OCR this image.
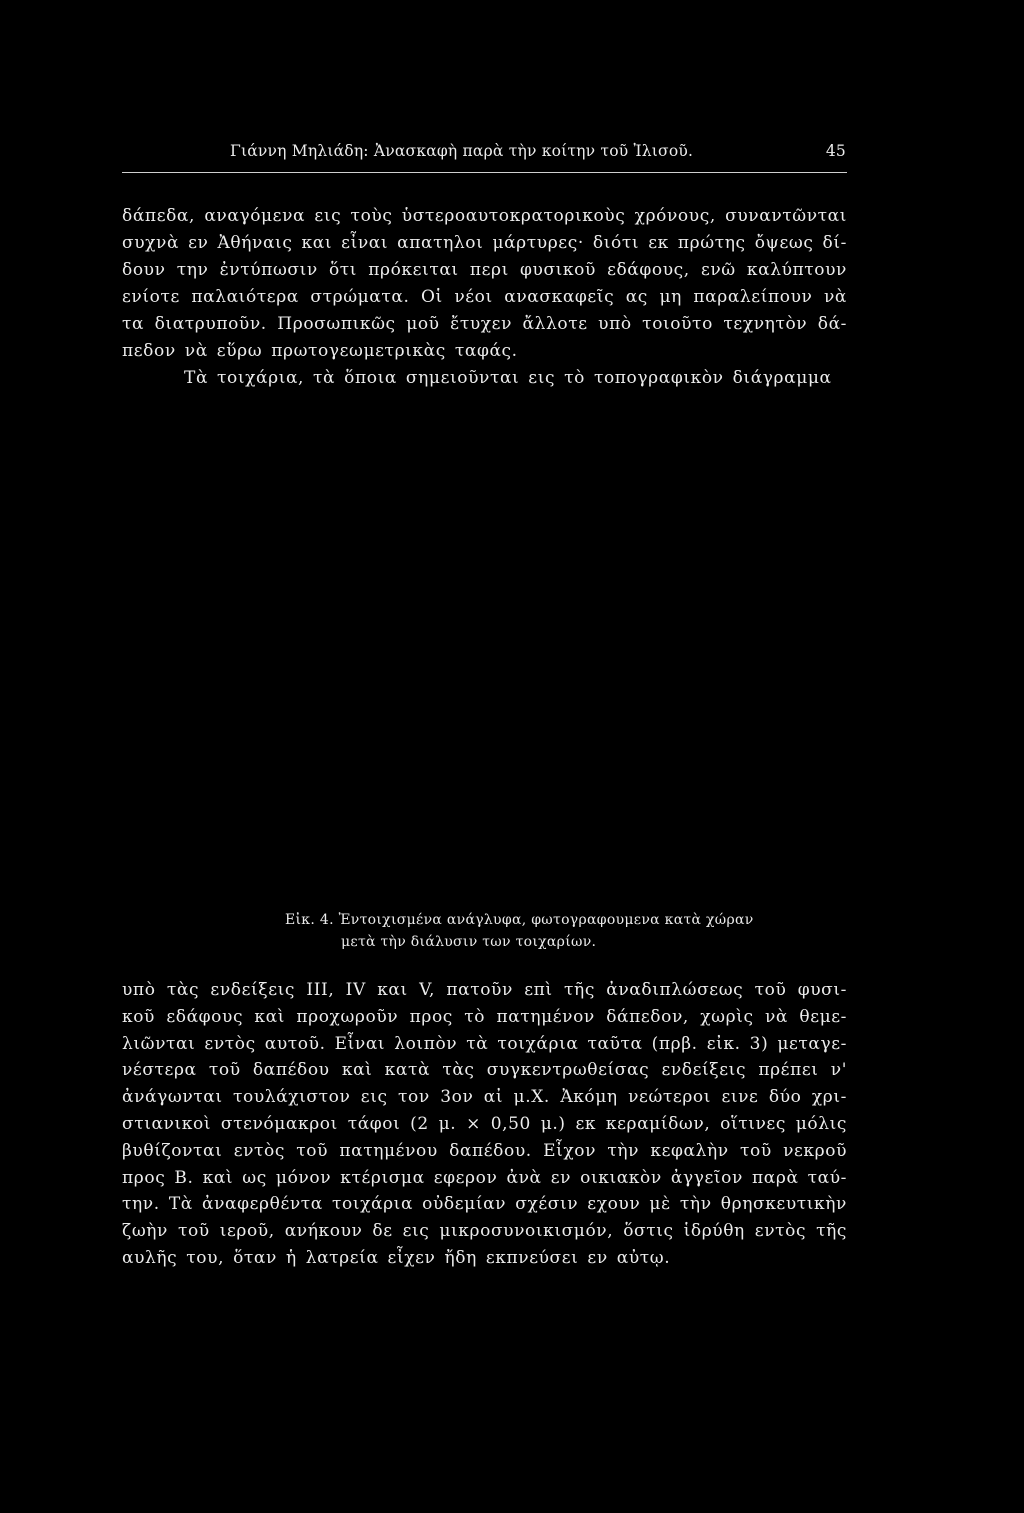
Γιάννη Μηλιάδη: Ἀνασκαφὴ παρὰ τὴν κοίτην τοῦ Ἰλισοῦ.	45
δάπεδα, αναγόμενα εις τοὺς ὑστεροαυτοκρατορικοὺς χρόνους, συναντῶνται
συχνὰ εν Ἀθήναις και εἶναι απατηλοι μάρτυρες· διότι εκ πρώτης ὄψεως δί-
δουν την ἐντύπωσιν ὅτι πρόκειται περι φυσικοῦ εδάφους, ενῶ καλύπτουν
ενίοτε παλαιότερα στρώματα. Οἱ νέοι ανασκαφεῖς ας μη παραλείπουν νὰ
τα διατρυποῦν. Προσωπικῶς μοῦ ἔτυχεν ἄλλοτε υπὸ τοιοῦτο τεχνητὸν δά-
πεδον νὰ εὕρω πρωτογεωμετρικὰς ταφάς.
Τὰ τοιχάρια, τὰ ὅποια σημειοῦνται εις τὸ τοπογραφικὸν διάγραμμα
Εἰκ. 4. Ἐντοιχισμένα ανάγλυφα, φωτογραφουμενα κατὰ χώραν
μετὰ τὴν διάλυσιν των τοιχαρίων.
υπὸ τὰς ενδείξεις III, IV και V, πατοῦν επὶ τῆς ἀναδιπλώσεως τοῦ φυσι-
κοῦ εδάφους καὶ προχωροῦν προς τὸ πατημένον δάπεδον, χωρὶς νὰ θεμε-
λιῶνται εντὸς αυτοῦ. Εἶναι λοιπὸν τὰ τοιχάρια ταῦτα (πρβ. εἰκ. 3) μεταγε-
νέστερα τοῦ δαπέδου καὶ κατὰ τὰς συγκεντρωθείσας ενδείξεις πρέπει ν'
ἀνάγωνται τουλάχιστον εις τον 3ον αἰ μ.Χ. Ἀκόμη νεώτεροι εινε δύο χρι-
στιανικοὶ στενόμακροι τάφοι (2 μ. × 0,50 μ.) εκ κεραμίδων, οἵτινες μόλις
βυθίζονται εντὸς τοῦ πατημένου δαπέδου. Εἶχον τὴν κεφαλὴν τοῦ νεκροῦ
προς Β. καὶ ως μόνον κτέρισμα εφερον ἀνὰ εν οικιακὸν ἀγγεῖον παρὰ ταύ-
την. Τὰ ἀναφερθέντα τοιχάρια οὐδεμίαν σχέσιν εχουν μὲ τὴν θρησκευτικὴν
ζωὴν τοῦ ιεροῦ, ανήκουν δε εις μικροσυνοικισμόν, ὅστις ἱδρύθη εντὸς τῆς
αυλῆς του, ὅταν ἡ λατρεία εἶχεν ἤδη εκπνεύσει εν αὐτῳ.
